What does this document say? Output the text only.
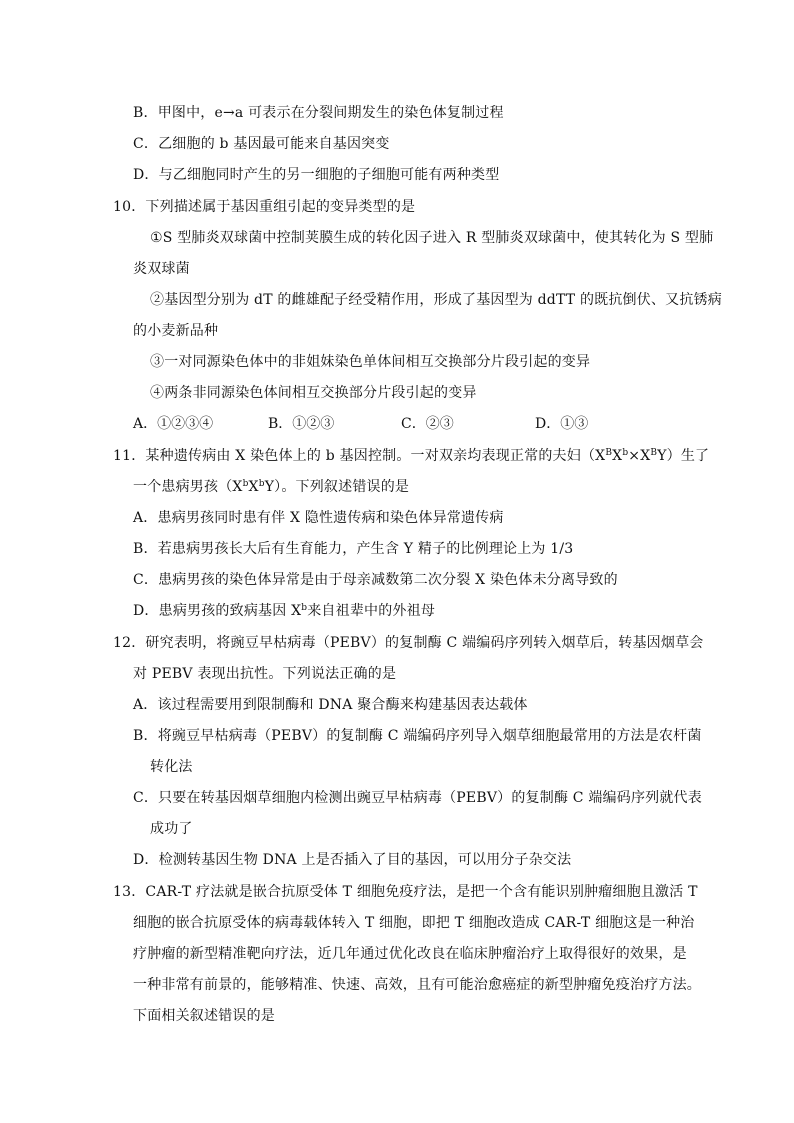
B．甲图中，e→a 可表示在分裂间期发生的染色体复制过程
C．乙细胞的 b 基因最可能来自基因突变
D．与乙细胞同时产生的另一细胞的子细胞可能有两种类型
10．下列描述属于基因重组引起的变异类型的是
①S 型肺炎双球菌中控制荚膜生成的转化因子进入 R 型肺炎双球菌中，使其转化为 S 型肺
炎双球菌
②基因型分别为 dT 的雌雄配子经受精作用，形成了基因型为 ddTT 的既抗倒伏、又抗锈病
的小麦新品种
③一对同源染色体中的非姐妹染色单体间相互交换部分片段引起的变异
④两条非同源染色体间相互交换部分片段引起的变异
A．①②③④	B．①②③	C．②③	D．①③
11．某种遗传病由 X 染色体上的 b 基因控制。一对双亲均表现正常的夫妇$(X^BX^b\times X^BY)$生了
一个患病男孩$(X^bX^bY)$。下列叙述错误的是
A．患病男孩同时患有伴 X 隐性遗传病和染色体异常遗传病
B．若患病男孩长大后有生育能力，产生含 Y 精子的比例理论上为 1/3
C．患病男孩的染色体异常是由于母亲减数第二次分裂 X 染色体未分离导致的
D．患病男孩的致病基因 $X^b$来自祖辈中的外祖母
12．研究表明，将豌豆早枯病毒（PEBV）的复制酶 C 端编码序列转入烟草后，转基因烟草会
对 PEBV 表现出抗性。下列说法正确的是
A．该过程需要用到限制酶和 DNA 聚合酶来构建基因表达载体
B．将豌豆早枯病毒（PEBV）的复制酶 C 端编码序列导入烟草细胞最常用的方法是农杆菌
转化法
C．只要在转基因烟草细胞内检测出豌豆早枯病毒（PEBV）的复制酶 C 端编码序列就代表
成功了
D．检测转基因生物 DNA 上是否插入了目的基因，可以用分子杂交法
13．CAR-T 疗法就是嵌合抗原受体 T 细胞免疫疗法，是把一个含有能识别肿瘤细胞且激活 T
细胞的嵌合抗原受体的病毒载体转入 T 细胞，即把 T 细胞改造成 CAR-T 细胞这是一种治
疗肿瘤的新型精准靶向疗法，近几年通过优化改良在临床肿瘤治疗上取得很好的效果，是
一种非常有前景的，能够精准、快速、高效，且有可能治愈癌症的新型肿瘤免疫治疗方法。
下面相关叙述错误的是
